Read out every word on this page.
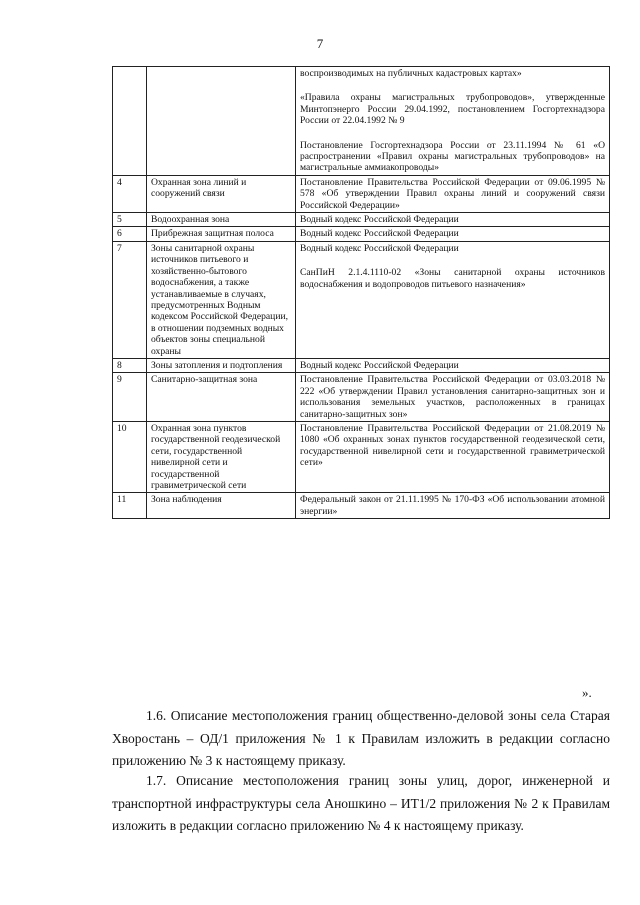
7

		воспроизводимых на публичных кадастровых картах»

«Правила охраны магистральных трубопроводов», утвержденные Минтопэнерго России 29.04.1992, постановлением Госгортехнадзора России от 22.04.1992 № 9

Постановление Госгортехнадзора России от 23.11.1994 № 61 «О распространении «Правил охраны магистральных трубопроводов» на магистральные аммиакопроводы»

4	Охранная зона линий и сооружений связи	Постановление Правительства Российской Федерации от 09.06.1995 № 578 «Об утверждении Правил охраны линий и сооружений связи Российской Федерации»

5	Водоохранная зона	Водный кодекс Российской Федерации

6	Прибрежная защитная полоса	Водный кодекс Российской Федерации

7	Зоны санитарной охраны источников питьевого и хозяйственно-бытового водоснабжения, а также устанавливаемые в случаях, предусмотренных Водным кодексом Российской Федерации, в отношении подземных водных объектов зоны специальной охраны	Водный кодекс Российской Федерации

СанПиН 2.1.4.1110-02 «Зоны санитарной охраны источников водоснабжения и водопроводов питьевого назначения»

8	Зоны затопления и подтопления	Водный кодекс Российской Федерации

9	Санитарно-защитная зона	Постановление Правительства Российской Федерации от 03.03.2018 № 222 «Об утверждении Правил установления санитарно-защитных зон и использования земельных участков, расположенных в границах санитарно-защитных зон»

10	Охранная зона пунктов государственной геодезической сети, государственной нивелирной сети и государственной гравиметрической сети	Постановление Правительства Российской Федерации от 21.08.2019 № 1080 «Об охранных зонах пунктов государственной геодезической сети, государственной нивелирной сети и государственной гравиметрической сети»

11	Зона наблюдения	Федеральный закон от 21.11.1995 № 170-ФЗ «Об использовании атомной энергии»

».

1.6. Описание местоположения границ общественно-деловой зоны села Старая Хворостань – ОД/1 приложения № 1 к Правилам изложить в редакции согласно приложению № 3 к настоящему приказу.

1.7. Описание местоположения границ зоны улиц, дорог, инженерной и транспортной инфраструктуры села Аношкино – ИТ1/2 приложения № 2 к Правилам изложить в редакции согласно приложению № 4 к настоящему приказу.
